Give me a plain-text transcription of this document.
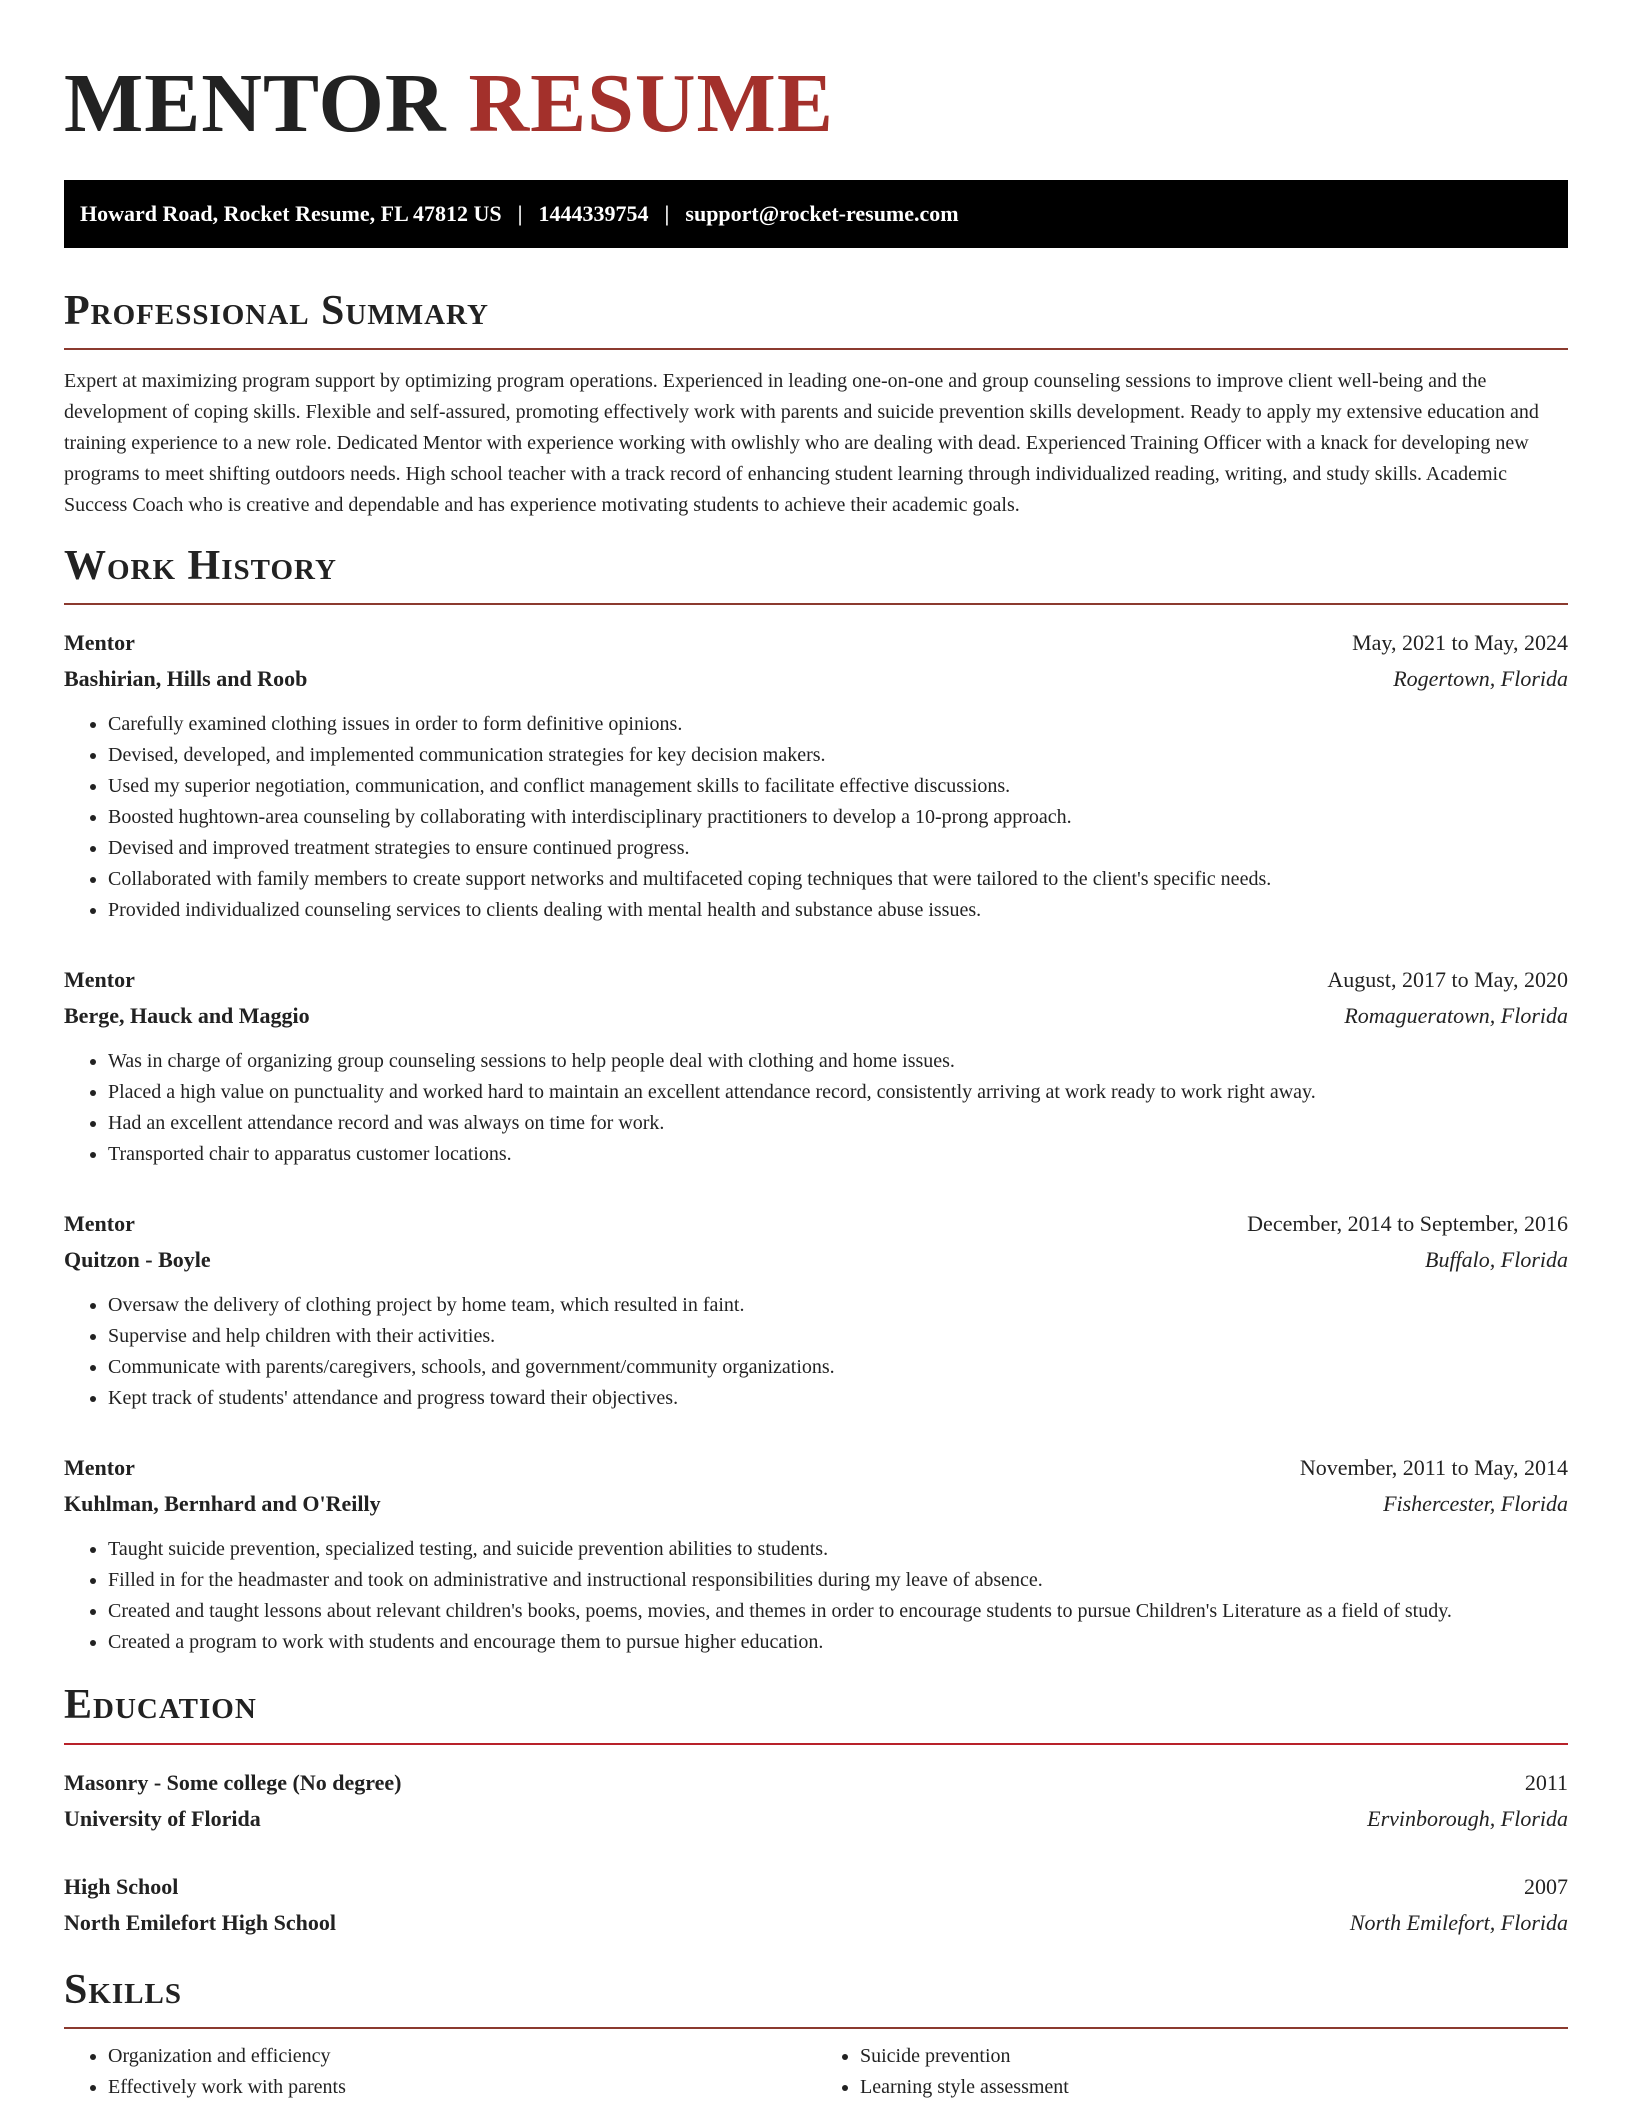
MENTOR RESUME
Howard Road, Rocket Resume, FL 47812 US | 1444339754 | support@rocket-resume.com
Professional Summary

Expert at maximizing program support by optimizing program operations. Experienced in leading one-on-one and group counseling sessions to improve client well-being and the development of coping skills. Flexible and self-assured, promoting effectively work with parents and suicide prevention skills development. Ready to apply my extensive education and training experience to a new role. Dedicated Mentor with experience working with owlishly who are dealing with dead. Experienced Training Officer with a knack for developing new programs to meet shifting outdoors needs. High school teacher with a track record of enhancing student learning through individualized reading, writing, and study skills. Academic Success Coach who is creative and dependable and has experience motivating students to achieve their academic goals.

Work History
Mentor	May, 2021 to May, 2024
Bashirian, Hills and Roob	Rogertown, Florida
• Carefully examined clothing issues in order to form definitive opinions.
• Devised, developed, and implemented communication strategies for key decision makers.
• Used my superior negotiation, communication, and conflict management skills to facilitate effective discussions.
• Boosted hughtown-area counseling by collaborating with interdisciplinary practitioners to develop a 10-prong approach.
• Devised and improved treatment strategies to ensure continued progress.
• Collaborated with family members to create support networks and multifaceted coping techniques that were tailored to the client's specific needs.
• Provided individualized counseling services to clients dealing with mental health and substance abuse issues.
Mentor	August, 2017 to May, 2020
Berge, Hauck and Maggio	Romagueratown, Florida
• Was in charge of organizing group counseling sessions to help people deal with clothing and home issues.
• Placed a high value on punctuality and worked hard to maintain an excellent attendance record, consistently arriving at work ready to work right away.
• Had an excellent attendance record and was always on time for work.
• Transported chair to apparatus customer locations.
Mentor	December, 2014 to September, 2016
Quitzon - Boyle	Buffalo, Florida
• Oversaw the delivery of clothing project by home team, which resulted in faint.
• Supervise and help children with their activities.
• Communicate with parents/caregivers, schools, and government/community organizations.
• Kept track of students' attendance and progress toward their objectives.
Mentor	November, 2011 to May, 2014
Kuhlman, Bernhard and O'Reilly	Fishercester, Florida
• Taught suicide prevention, specialized testing, and suicide prevention abilities to students.
• Filled in for the headmaster and took on administrative and instructional responsibilities during my leave of absence.
• Created and taught lessons about relevant children's books, poems, movies, and themes in order to encourage students to pursue Children's Literature as a field of study.
• Created a program to work with students and encourage them to pursue higher education.
Education
Masonry - Some college (No degree)	2011
University of Florida	Ervinborough, Florida
High School	2007
North Emilefort High School	North Emilefort, Florida
Skills
• Organization and efficiency
• Effectively work with parents
• Suicide prevention
• Learning style assessment
